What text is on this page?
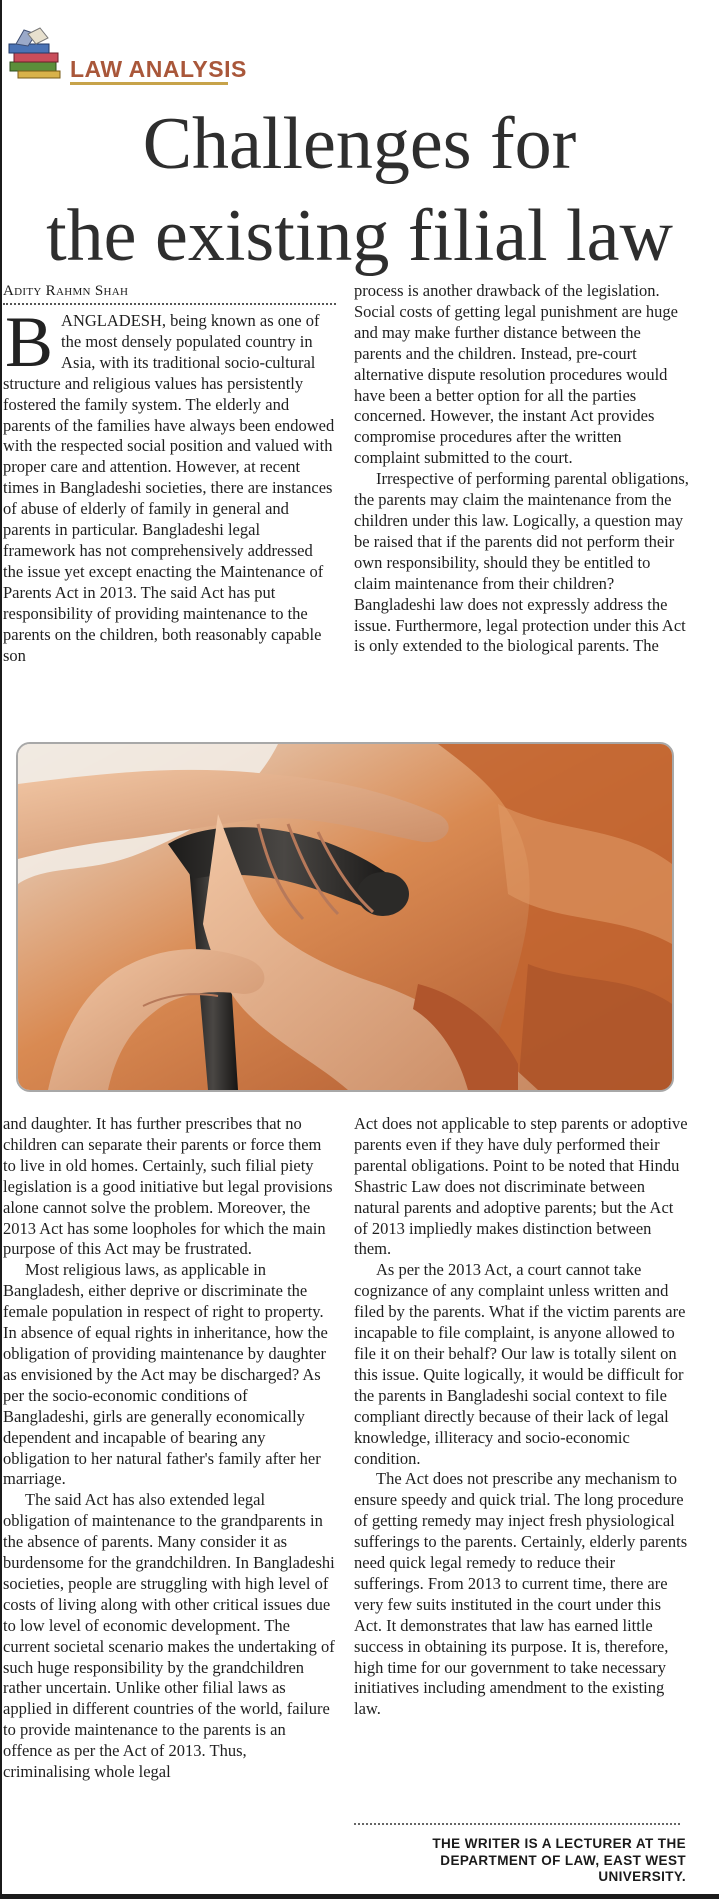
LAW ANALYSIS
Challenges for
the existing filial law
Adity Rahmn Shah

BANGLADESH, being known as one of the most densely populated country in Asia, with its traditional socio-cultural structure and religious values has persistently fostered the family system. The elderly and parents of the families have always been endowed with the respected social position and valued with proper care and attention. However, at recent times in Bangladeshi societies, there are instances of abuse of elderly of family in general and parents in particular. Bangladeshi legal framework has not comprehensively addressed the issue yet except enacting the Maintenance of Parents Act in 2013. The said Act has put responsibility of providing maintenance to the parents on the children, both reasonably capable son

process is another drawback of the legislation. Social costs of getting legal punishment are huge and may make further distance between the parents and the children. Instead, pre-court alternative dispute resolution procedures would have been a better option for all the parties concerned. However, the instant Act provides compromise procedures after the written complaint submitted to the court.

Irrespective of performing parental obligations, the parents may claim the maintenance from the children under this law. Logically, a question may be raised that if the parents did not perform their own responsibility, should they be entitled to claim maintenance from their children? Bangladeshi law does not expressly address the issue. Furthermore, legal protection under this Act is only extended to the biological parents. The

and daughter. It has further prescribes that no children can separate their parents or force them to live in old homes. Certainly, such filial piety legislation is a good initiative but legal provisions alone cannot solve the problem. Moreover, the 2013 Act has some loopholes for which the main purpose of this Act may be frustrated.

Most religious laws, as applicable in Bangladesh, either deprive or discriminate the female population in respect of right to property. In absence of equal rights in inheritance, how the obligation of providing maintenance by daughter as envisioned by the Act may be discharged? As per the socio-economic conditions of Bangladeshi, girls are generally economically dependent and incapable of bearing any obligation to her natural father's family after her marriage.

The said Act has also extended legal obligation of maintenance to the grandparents in the absence of parents. Many consider it as burdensome for the grandchildren. In Bangladeshi societies, people are struggling with high level of costs of living along with other critical issues due to low level of economic development. The current societal scenario makes the undertaking of such huge responsibility by the grandchildren rather uncertain. Unlike other filial laws as applied in different countries of the world, failure to provide maintenance to the parents is an offence as per the Act of 2013. Thus, criminalising whole legal

Act does not applicable to step parents or adoptive parents even if they have duly performed their parental obligations. Point to be noted that Hindu Shastric Law does not discriminate between natural parents and adoptive parents; but the Act of 2013 impliedly makes distinction between them.

As per the 2013 Act, a court cannot take cognizance of any complaint unless written and filed by the parents. What if the victim parents are incapable to file complaint, is anyone allowed to file it on their behalf? Our law is totally silent on this issue. Quite logically, it would be difficult for the parents in Bangladeshi social context to file compliant directly because of their lack of legal knowledge, illiteracy and socio-economic condition.

The Act does not prescribe any mechanism to ensure speedy and quick trial. The long procedure of getting remedy may inject fresh physiological sufferings to the parents. Certainly, elderly parents need quick legal remedy to reduce their sufferings. From 2013 to current time, there are very few suits instituted in the court under this Act. It demonstrates that law has earned little success in obtaining its purpose. It is, therefore, high time for our government to take necessary initiatives including amendment to the existing law.

THE WRITER IS A LECTURER AT THE DEPARTMENT OF LAW, EAST WEST UNIVERSITY.
